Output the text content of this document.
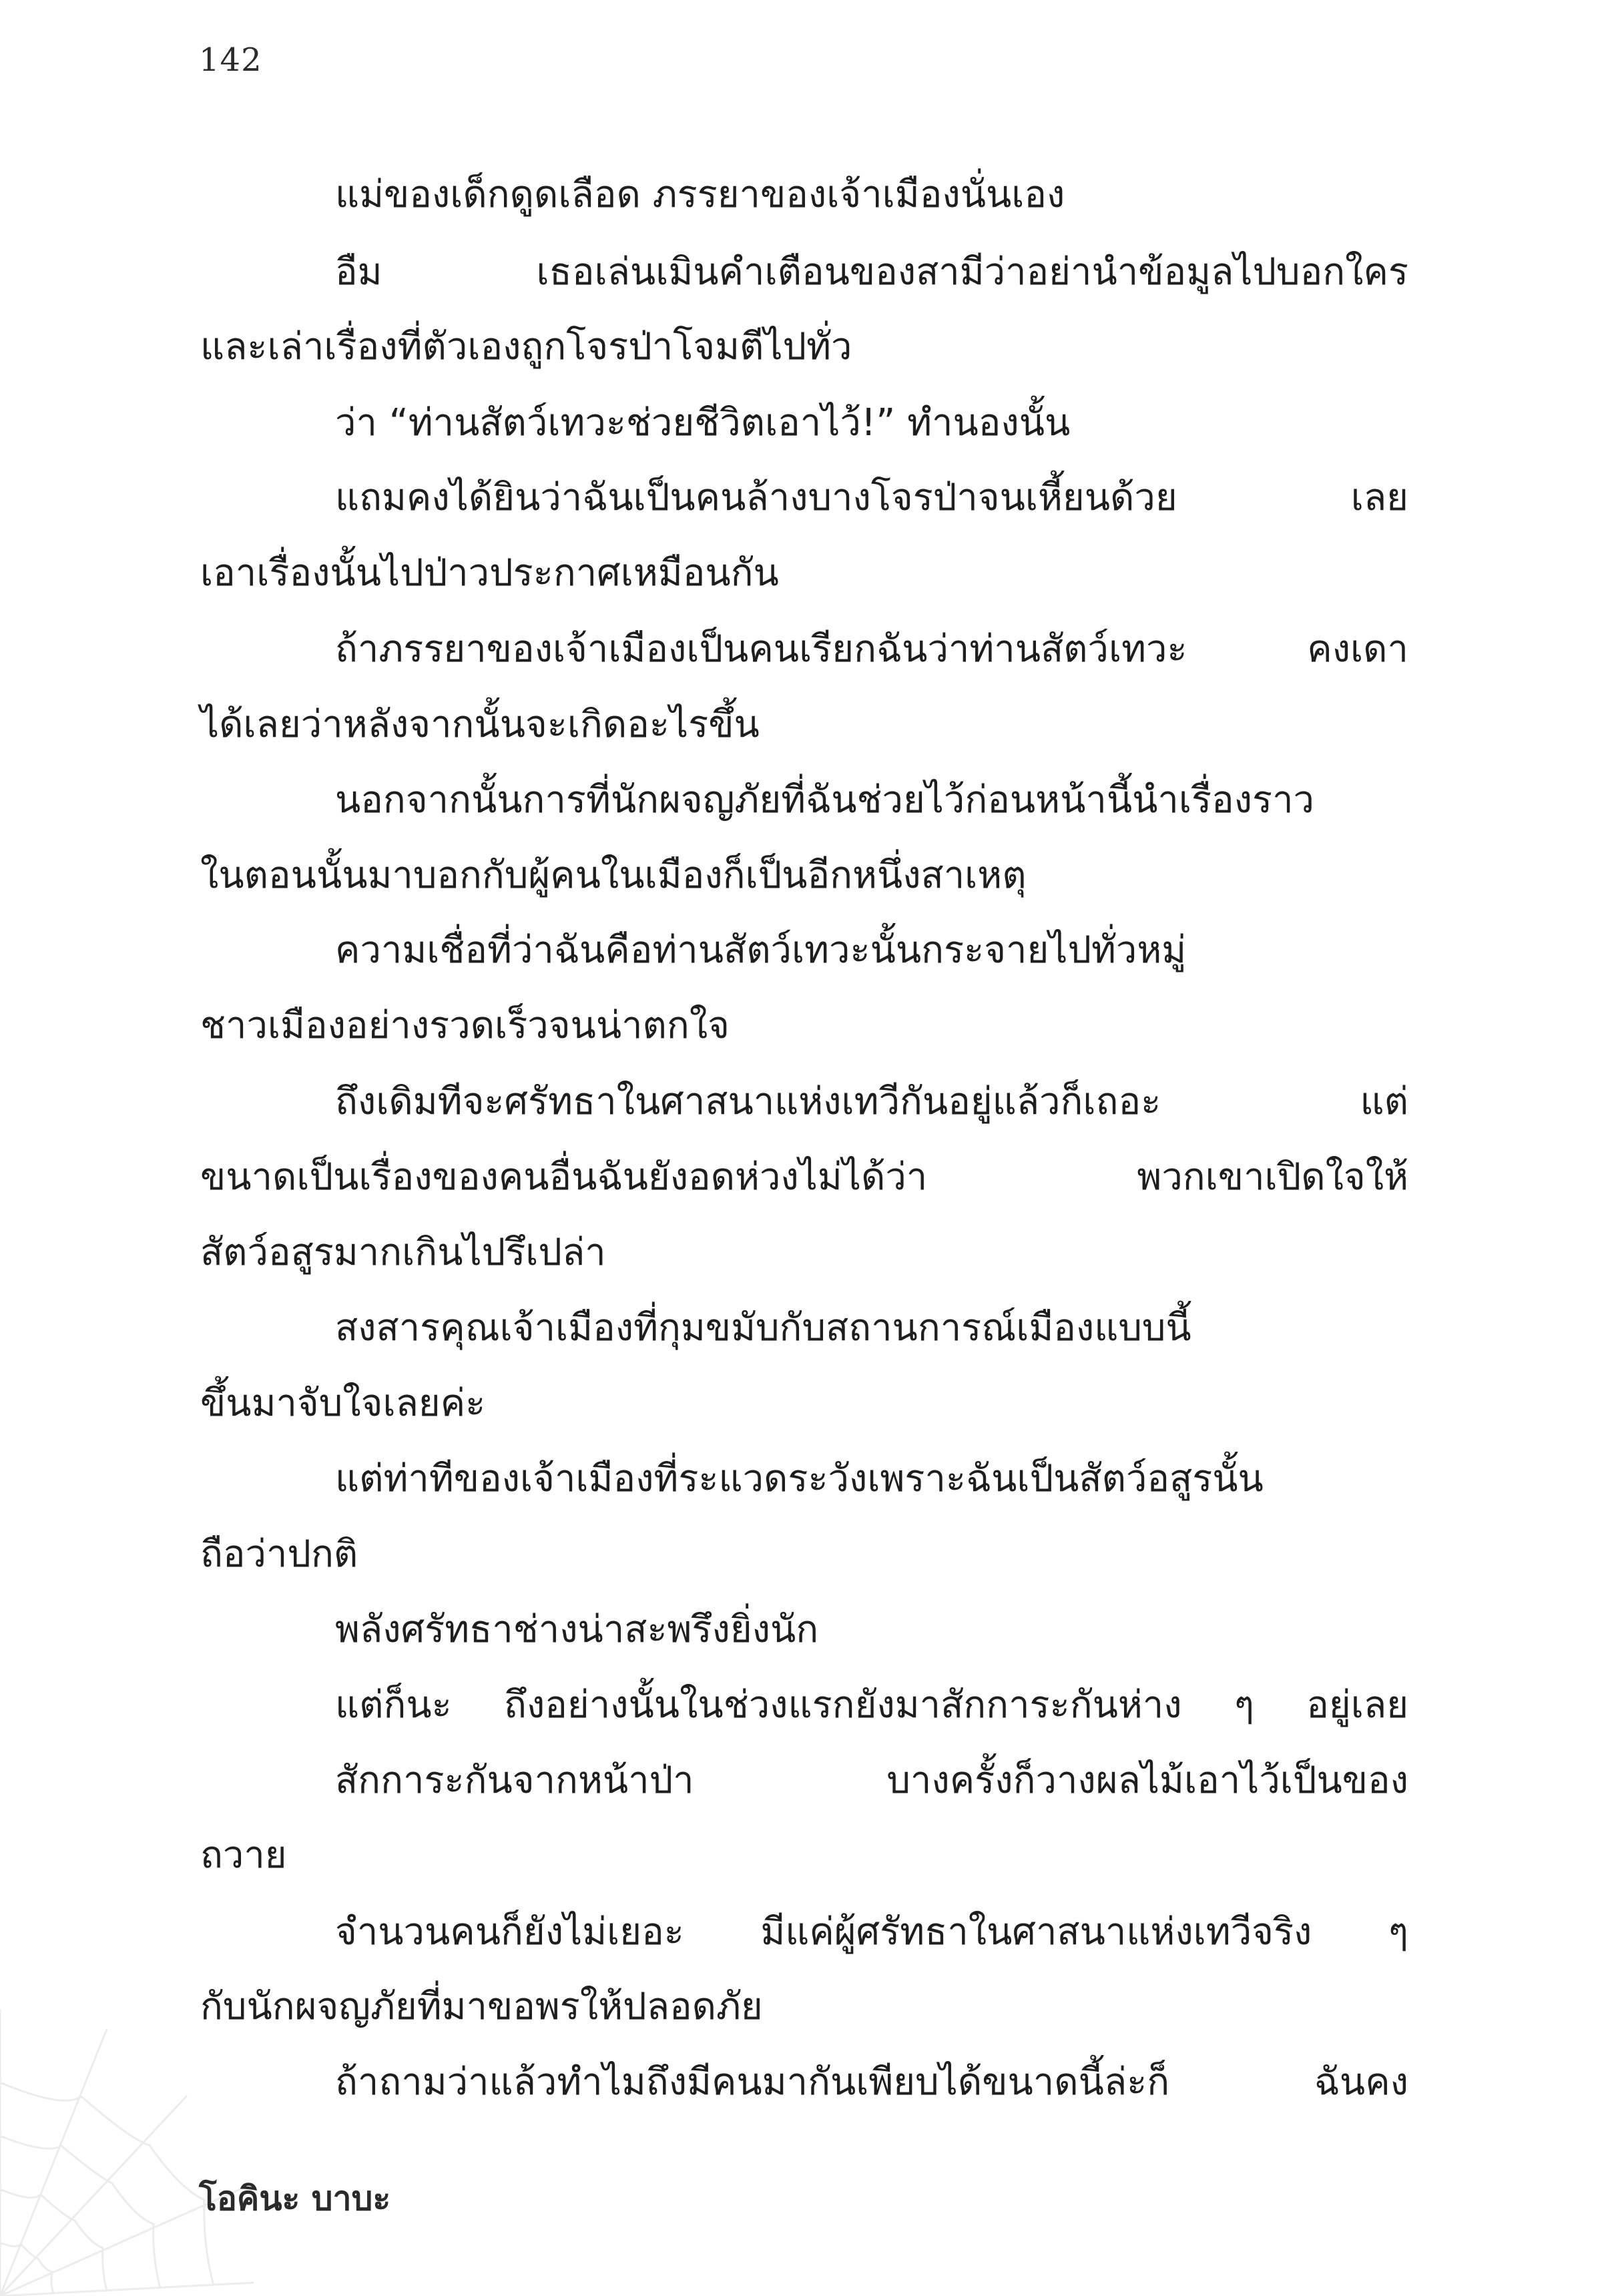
142
แม่ของเด็กดูดเลือด ภรรยาของเจ้าเมืองนั่นเอง
อืม เธอเล่นเมินคำเตือนของสามีว่าอย่านำข้อมูลไปบอกใคร
และเล่าเรื่องที่ตัวเองถูกโจรป่าโจมตีไปทั่ว
ว่า “ท่านสัตว์เทวะช่วยชีวิตเอาไว้!” ทำนองนั้น
แถมคงได้ยินว่าฉันเป็นคนล้างบางโจรป่าจนเหี้ยนด้วย เลย
เอาเรื่องนั้นไปป่าวประกาศเหมือนกัน
ถ้าภรรยาของเจ้าเมืองเป็นคนเรียกฉันว่าท่านสัตว์เทวะ คงเดา
ได้เลยว่าหลังจากนั้นจะเกิดอะไรขึ้น
นอกจากนั้นการที่นักผจญภัยที่ฉันช่วยไว้ก่อนหน้านี้นำเรื่องราว
ในตอนนั้นมาบอกกับผู้คนในเมืองก็เป็นอีกหนึ่งสาเหตุ
ความเชื่อที่ว่าฉันคือท่านสัตว์เทวะนั้นกระจายไปทั่วหมู่
ชาวเมืองอย่างรวดเร็วจนน่าตกใจ
ถึงเดิมทีจะศรัทธาในศาสนาแห่งเทวีกันอยู่แล้วก็เถอะ แต่
ขนาดเป็นเรื่องของคนอื่นฉันยังอดห่วงไม่ได้ว่า พวกเขาเปิดใจให้
สัตว์อสูรมากเกินไปรึเปล่า
สงสารคุณเจ้าเมืองที่กุมขมับกับสถานการณ์เมืองแบบนี้
ขึ้นมาจับใจเลยค่ะ
แต่ท่าทีของเจ้าเมืองที่ระแวดระวังเพราะฉันเป็นสัตว์อสูรนั้น
ถือว่าปกติ
พลังศรัทธาช่างน่าสะพรึงยิ่งนัก
แต่ก็นะ ถึงอย่างนั้นในช่วงแรกยังมาสักการะกันห่าง ๆ อยู่เลย
สักการะกันจากหน้าป่า บางครั้งก็วางผลไม้เอาไว้เป็นของ
ถวาย
จำนวนคนก็ยังไม่เยอะ มีแค่ผู้ศรัทธาในศาสนาแห่งเทวีจริง ๆ
กับนักผจญภัยที่มาขอพรให้ปลอดภัย
ถ้าถามว่าแล้วทำไมถึงมีคนมากันเพียบได้ขนาดนี้ล่ะก็ ฉันคง
โอคินะ บาบะ
